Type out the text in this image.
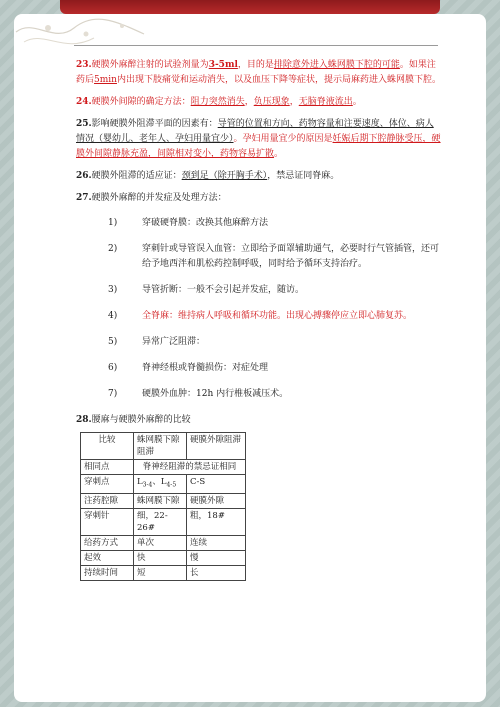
23.硬膜外麻醉注射的试验剂量为3-5ml，目的是排除意外进入蛛网膜下腔的可能。如果注药后5min内出现下肢痛觉和运动消失，以及血压下降等症状，提示局麻药进入蛛网膜下腔。

24.硬膜外间隙的确定方法：阻力突然消失，负压现象，无脑脊液流出。

25.影响硬膜外阻滞平面的因素有：导管的位置和方向、药物容量和注要速度、体位、病人情况（婴幼儿、老年人、孕妇用量宜少）。孕妇用量宜少的原因是妊娠后期下腔静脉受压，硬膜外间隙静脉充盈，间隙相对变小，药物容易扩散。

26.硬膜外阻滞的适应证：颈到足（除开胸手术），禁忌证同脊麻。

27.硬膜外麻醉的并发症及处理方法：

1)	穿破硬脊膜：改换其他麻醉方法
2)	穿刺针或导管误入血管：立即给予面罩辅助通气，必要时行气管插管，还可给予地西泮和肌松药控制呼吸，同时给予循环支持治疗。
3)	导管折断：一般不会引起并发症，随访。
4)	全脊麻：维持病人呼吸和循环功能。出现心搏骤停应立即心肺复苏。
5)	异常广泛阻滞：
6)	脊神经根或脊髓损伤：对症处理
7)	硬膜外血肿：12h 内行椎板减压术。

28.腰麻与硬膜外麻醉的比较

比较	蛛网膜下隙阻滞	硬膜外隙阻滞
相同点	脊神经阻滞的禁忌证相同	
穿刺点	$L_{3-4}$、$L_{4-5}$	C-S
注药腔隙	蛛网膜下隙	硬膜外隙
穿刺针	细，22-26#	粗，18#
给药方式	单次	连续
起效	快	慢
持续时间	短	长
